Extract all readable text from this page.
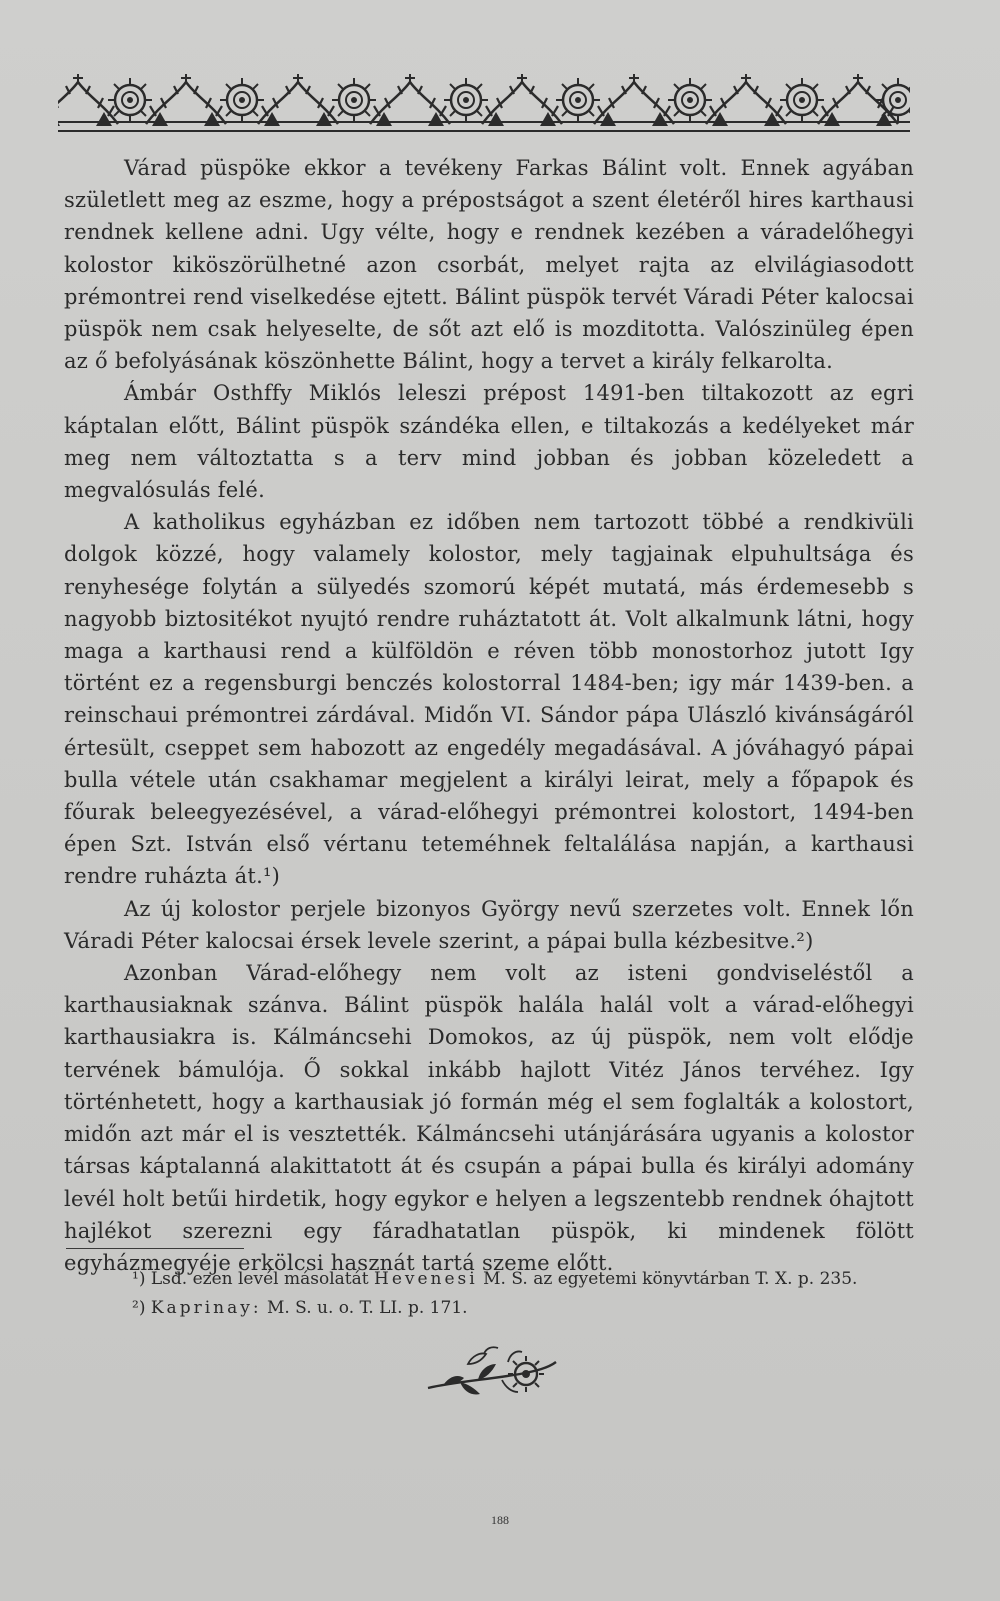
Várad püspöke ekkor a tevékeny Farkas Bálint volt. Ennek agyában születlett meg az eszme, hogy a prépostságot a szent életéről hires karthausi rendnek kellene adni. Ugy vélte, hogy e rendnek kezében a váradelőhegyi kolostor kiköszörülhetné azon csorbát, melyet rajta az elvilágiasodott prémontrei rend viselkedése ejtett. Bálint püspök tervét Váradi Péter kalocsai püspök nem csak helyeselte, de sőt azt elő is mozditotta. Valószinüleg épen az ő befolyásának köszönhette Bálint, hogy a tervet a király felkarolta.

Ámbár Osthffy Miklós leleszi prépost 1491-ben tiltakozott az egri káptalan előtt, Bálint püspök szándéka ellen, e tiltakozás a kedélyeket már meg nem változtatta s a terv mind jobban és jobban közeledett a megvalósulás felé.

A katholikus egyházban ez időben nem tartozott többé a rendkivüli dolgok közzé, hogy valamely kolostor, mely tagjainak elpuhultsága és renyhesége folytán a sülyedés szomorú képét mutatá, más érdemesebb s nagyobb biztositékot nyujtó rendre ruháztatott át. Volt alkalmunk látni, hogy maga a karthausi rend a külföldön e réven több monostorhoz jutott Igy történt ez a regensburgi benczés kolostorral 1484-ben; igy már 1439-ben. a reinschaui prémontrei zárdával. Midőn VI. Sándor pápa Ulászló kivánságáról értesült, cseppet sem habozott az engedély megadásával. A jóváhagyó pápai bulla vétele után csakhamar megjelent a királyi leirat, mely a főpapok és főurak beleegyezésével, a várad-előhegyi prémontrei kolostort, 1494-ben épen Szt. István első vértanu teteméhnek feltalálása napján, a karthausi rendre ruházta át.¹)

Az új kolostor perjele bizonyos György nevű szerzetes volt. Ennek lőn Váradi Péter kalocsai érsek levele szerint, a pápai bulla kézbesitve.²)

Azonban Várad-előhegy nem volt az isteni gondviseléstől a karthausiaknak szánva. Bálint püspök halála halál volt a várad-előhegyi karthausiakra is. Kálmáncsehi Domokos, az új püspök, nem volt elődje tervének bámulója. Ő sokkal inkább hajlott Vitéz János tervéhez. Igy történhetett, hogy a karthausiak jó formán még el sem foglalták a kolostort, midőn azt már el is vesztették. Kálmáncsehi utánjárására ugyanis a kolostor társas káptalanná alakittatott át és csupán a pápai bulla és királyi adomány levél holt betűi hirdetik, hogy egykor e helyen a legszentebb rendnek óhajtott hajlékot szerezni egy fáradhatatlan püspök, ki mindenek fölött egyházmegyéje erkölcsi hasznát tartá szeme előtt.

¹) Lsd. ezen levél másolatát Hevenesi M. S. az egyetemi könyvtárban T. X. p. 235.

²) Kaprinay: M. S. u. o. T. LI. p. 171.

188
